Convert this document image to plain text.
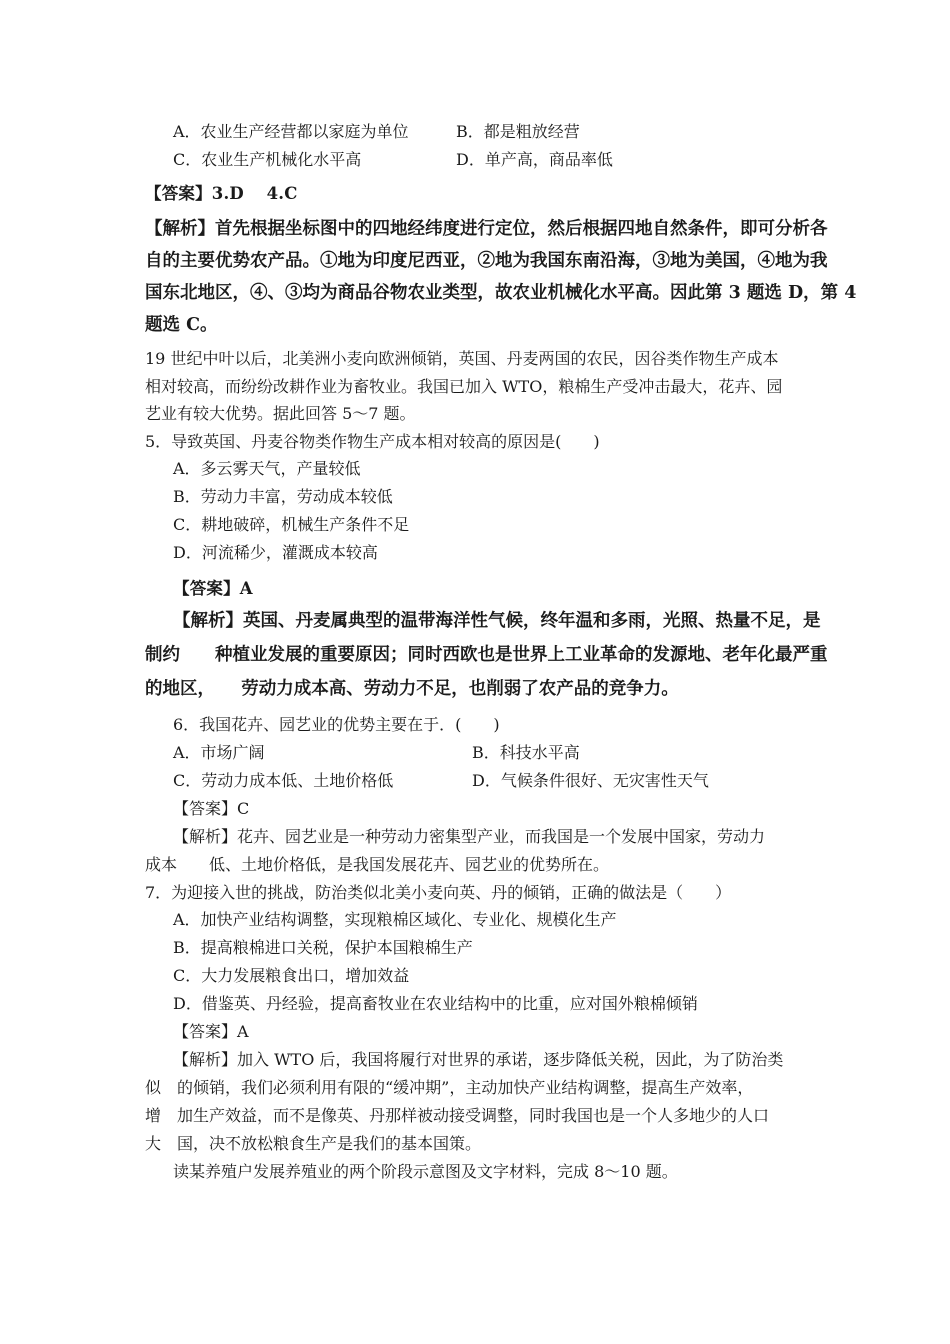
A．农业生产经营都以家庭为单位	B．都是粗放经营
C．农业生产机械化水平高	D．单产高，商品率低
【答案】3.D　 4.C
【解析】首先根据坐标图中的四地经纬度进行定位，然后根据四地自然条件，即可分析各
自的主要优势农产品。①地为印度尼西亚，②地为我国东南沿海，③地为美国，④地为我
国东北地区，④、③均为商品谷物农业类型，故农业机械化水平高。因此第 3 题选 D，第 4
题选 C。
19 世纪中叶以后，北美洲小麦向欧洲倾销，英国、丹麦两国的农民，因谷类作物生产成本
相对较高，而纷纷改耕作业为畜牧业。我国已加入 WTO，粮棉生产受冲击最大，花卉、园
艺业有较大优势。据此回答 5～7 题。
5．导致英国、丹麦谷物类作物生产成本相对较高的原因是(　　)
A．多云雾天气，产量较低
B．劳动力丰富，劳动成本较低
C．耕地破碎，机械生产条件不足
D．河流稀少，灌溉成本较高
【答案】A
【解析】英国、丹麦属典型的温带海洋性气候，终年温和多雨，光照、热量不足，是
制约　　种植业发展的重要原因；同时西欧也是世界上工业革命的发源地、老年化最严重
的地区，　　劳动力成本高、劳动力不足，也削弱了农产品的竞争力。
6．我国花卉、园艺业的优势主要在于．(　　)
A．市场广阔	B．科技水平高
C．劳动力成本低、土地价格低	D．气候条件很好、无灾害性天气
【答案】C
【解析】花卉、园艺业是一种劳动力密集型产业，而我国是一个发展中国家，劳动力
成本　　低、土地价格低，是我国发展花卉、园艺业的优势所在。
7．为迎接入世的挑战，防治类似北美小麦向英、丹的倾销，正确的做法是（　　）
A．加快产业结构调整，实现粮棉区域化、专业化、规模化生产
B．提高粮棉进口关税，保护本国粮棉生产
C．大力发展粮食出口，增加效益
D．借鉴英、丹经验，提高畜牧业在农业结构中的比重，应对国外粮棉倾销
【答案】A
【解析】加入 WTO 后，我国将履行对世界的承诺，逐步降低关税，因此，为了防治类
似　的倾销，我们必须利用有限的“缓冲期”，主动加快产业结构调整，提高生产效率，
增　加生产效益，而不是像英、丹那样被动接受调整，同时我国也是一个人多地少的人口
大　国，决不放松粮食生产是我们的基本国策。
读某养殖户发展养殖业的两个阶段示意图及文字材料，完成 8～10 题。
